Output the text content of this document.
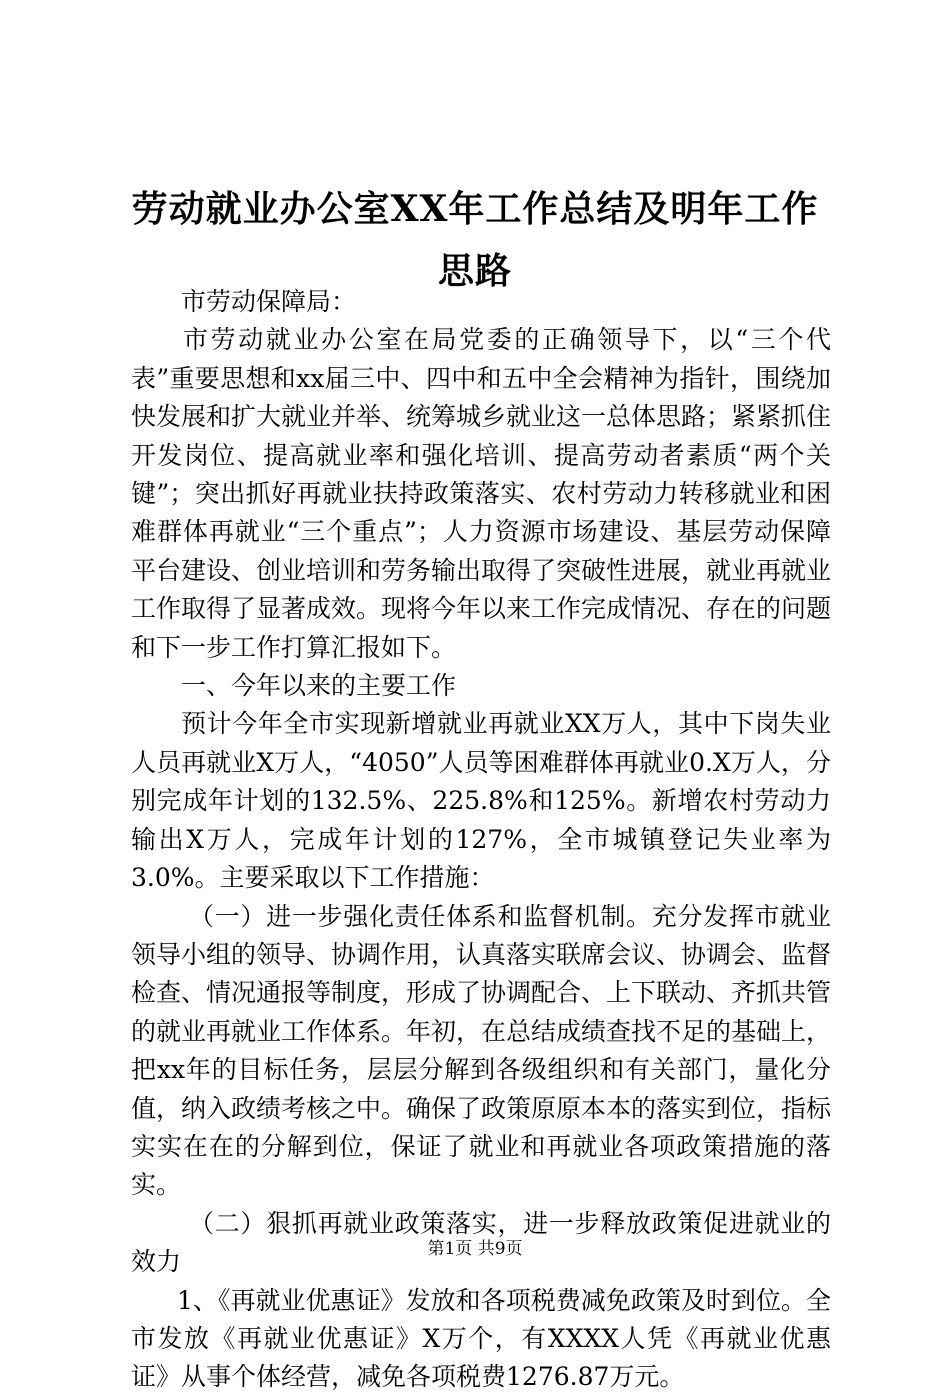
劳动就业办公室XX年工作总结及明年工作思路

市劳动保障局：

市劳动就业办公室在局党委的正确领导下，以“三个代表”重要思想和xx届三中、四中和五中全会精神为指针，围绕加快发展和扩大就业并举、统筹城乡就业这一总体思路；紧紧抓住开发岗位、提高就业率和强化培训、提高劳动者素质“两个关键”；突出抓好再就业扶持政策落实、农村劳动力转移就业和困难群体再就业“三个重点”；人力资源市场建设、基层劳动保障平台建设、创业培训和劳务输出取得了突破性进展，就业再就业工作取得了显著成效。现将今年以来工作完成情况、存在的问题和下一步工作打算汇报如下。

一、今年以来的主要工作

预计今年全市实现新增就业再就业XX万人，其中下岗失业人员再就业X万人，“4050”人员等困难群体再就业0.X万人，分别完成年计划的132.5%、225.8%和125%。新增农村劳动力输出X万人，完成年计划的127%，全市城镇登记失业率为3.0%。主要采取以下工作措施：

（一）进一步强化责任体系和监督机制。充分发挥市就业领导小组的领导、协调作用，认真落实联席会议、协调会、监督检查、情况通报等制度，形成了协调配合、上下联动、齐抓共管的就业再就业工作体系。年初，在总结成绩查找不足的基础上，把xx年的目标任务，层层分解到各级组织和有关部门，量化分值，纳入政绩考核之中。确保了政策原原本本的落实到位，指标实实在在的分解到位，保证了就业和再就业各项政策措施的落实。

（二）狠抓再就业政策落实，进一步释放政策促进就业的效力

1、《再就业优惠证》发放和各项税费减免政策及时到位。全市发放《再就业优惠证》X万个，有XXXX人凭《再就业优惠证》从事个体经营，减免各项税费1276.87万元。

第1页 共9页
